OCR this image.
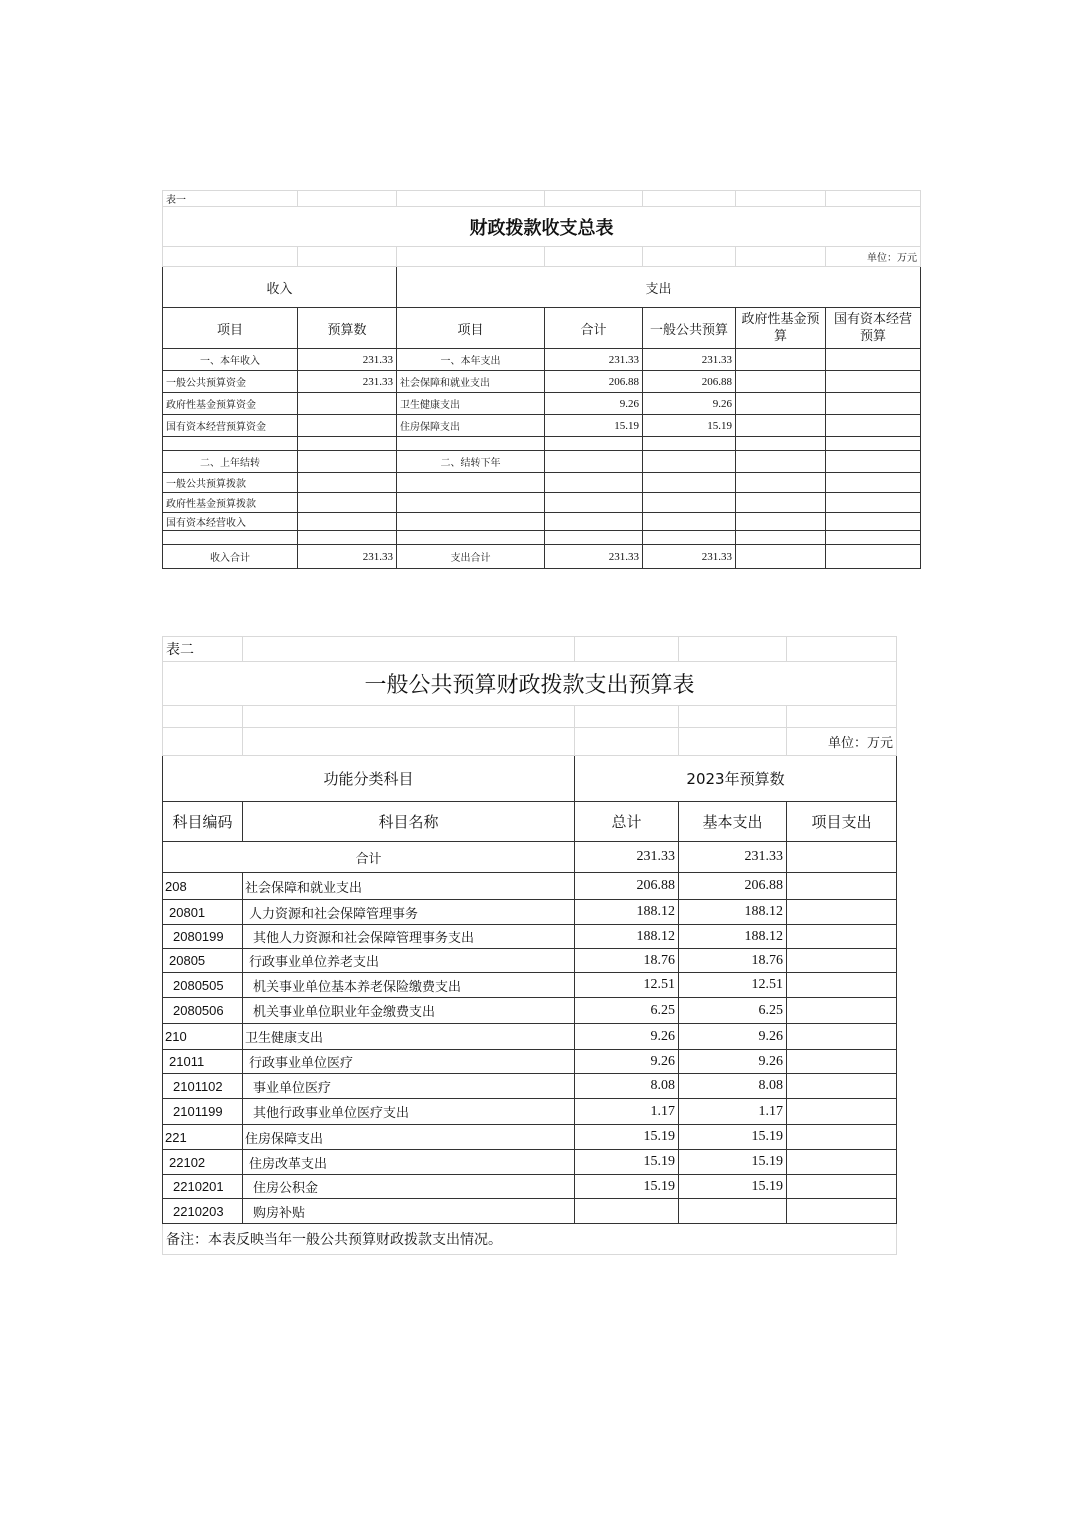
表一						
财政拨款收支总表						
						单位：万元
收入		支出				
项目	预算数	项目	合计	一般公共预算	政府性基金预算	国有资本经营预算
一、本年收入	231.33	一、本年支出	231.33	231.33		
一般公共预算资金	231.33	社会保障和就业支出	206.88	206.88		
政府性基金预算资金		卫生健康支出	9.26	9.26		
国有资本经营预算资金		住房保障支出	15.19	15.19		

二、上年结转		二、结转下年				
一般公共预算拨款						
政府性基金预算拨款						
国有资本经营收入						

收入合计	231.33	支出合计	231.33	231.33		
表二				
一般公共预算财政拨款支出预算表				

				单位：万元
功能分类科目		2023年预算数		
科目编码	科目名称	总计	基本支出	项目支出
合计		231.33	231.33	
208	社会保障和就业支出	206.88	206.88	
20801	人力资源和社会保障管理事务	188.12	188.12	
2080199	其他人力资源和社会保障管理事务支出	188.12	188.12	
20805	行政事业单位养老支出	18.76	18.76	
2080505	机关事业单位基本养老保险缴费支出	12.51	12.51	
2080506	机关事业单位职业年金缴费支出	6.25	6.25	
210	卫生健康支出	9.26	9.26	
21011	行政事业单位医疗	9.26	9.26	
2101102	事业单位医疗	8.08	8.08	
2101199	其他行政事业单位医疗支出	1.17	1.17	
221	住房保障支出	15.19	15.19	
22102	住房改革支出	15.19	15.19	
2210201	住房公积金	15.19	15.19	
2210203	购房补贴			
备注：本表反映当年一般公共预算财政拨款支出情况。				
